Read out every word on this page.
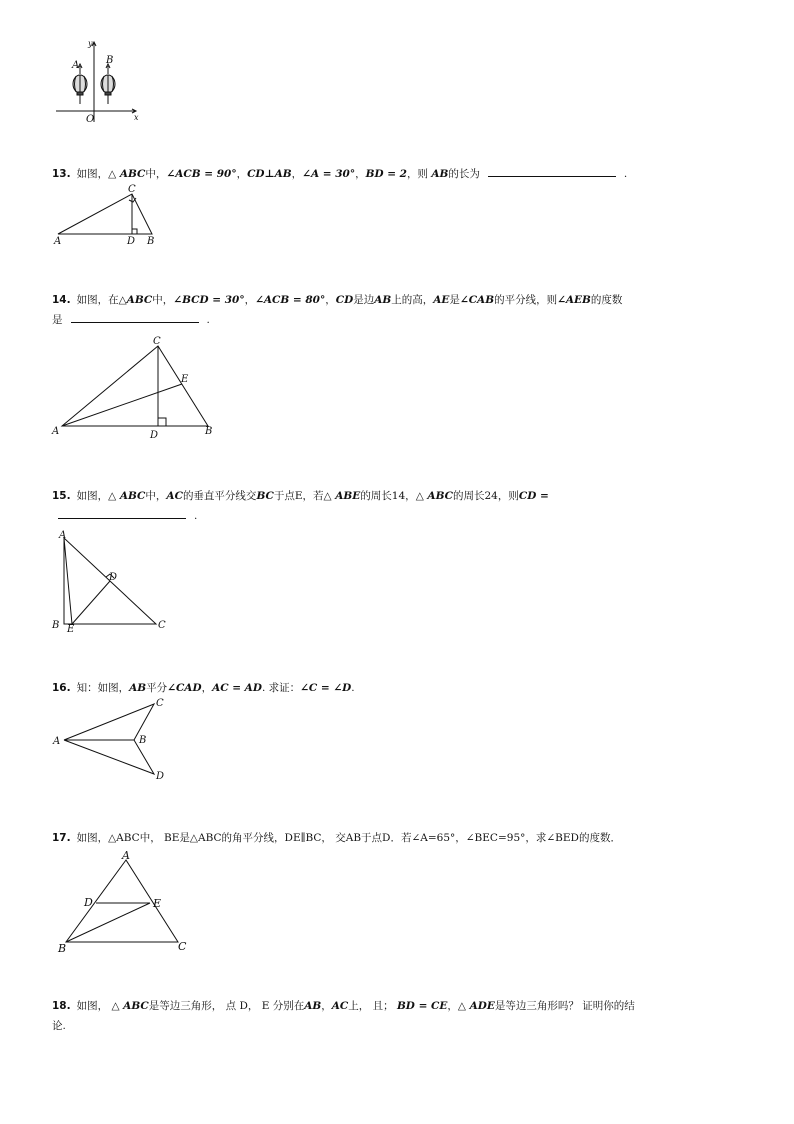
y
x
O
A	B
13. 如图，△ ABC中，∠ACB = 90°，CD⊥AB，∠A = 30°，BD = 2，则 AB的长为	.
C
A	D B
14. 如图，在△ABC中，∠BCD = 30°，∠ACB = 80°，CD是边AB上的高，AE是∠CAB的平分线，则∠AEB的度数
是	.
C
E
A	D	B
15. 如图，△ ABC中，AC的垂直平分线交BC于点E，若△ ABE的周长14，△ ABC的周长24，则CD =
.
A
D
B E	C
16. 知：如图，AB平分∠CAD，AC = AD. 求证：∠C = ∠D.
C
A	B
D
17. 如图，△ABC中， BE是△ABC的角平分线，DE∥BC， 交AB于点D．若∠A=65°，∠BEC=95°，求∠BED的度数．
A
D	E
B	C
18. 如图， △ ABC是等边三角形， 点 D， E 分别在AB，AC上， 且； BD = CE，△ ADE是等边三角形吗？ 证明你的结
论.
